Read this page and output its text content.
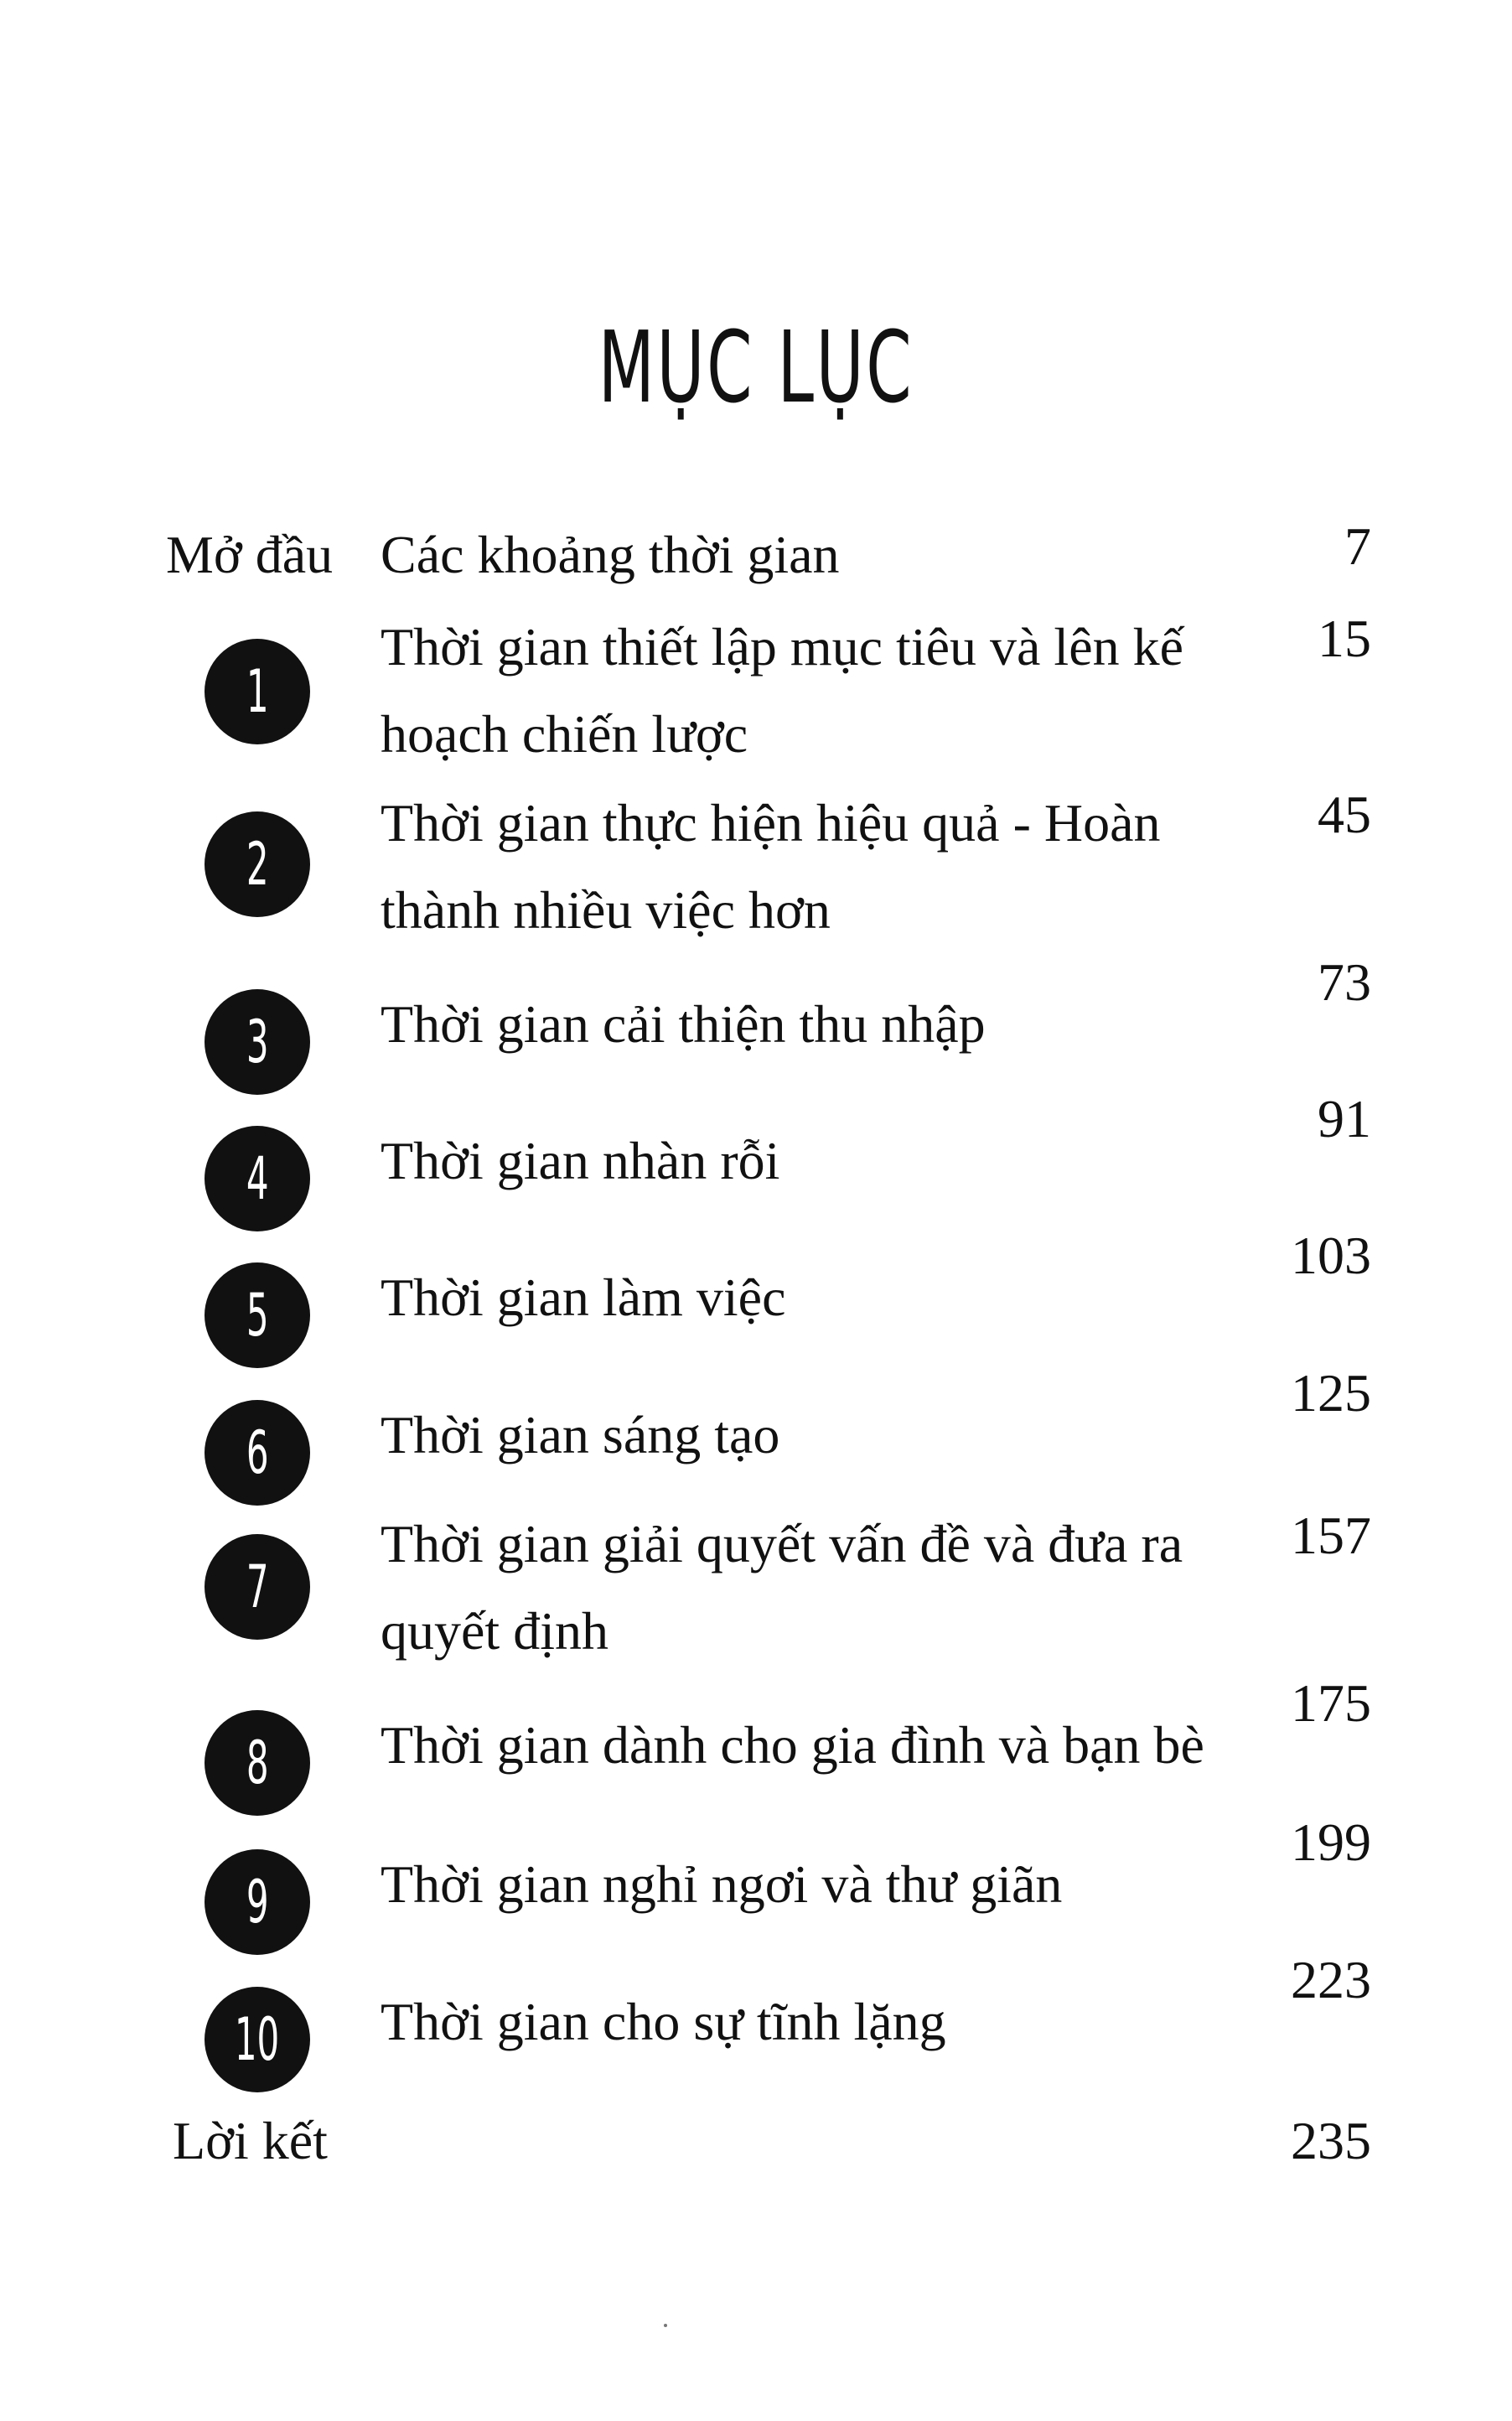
MỤC LỤC
Mở đầu Các khoảng thời gian	7
1
Thời gian thiết lập mục tiêu và lên kế hoạch chiến lược
15
2
Thời gian thực hiện hiệu quả - Hoàn thành nhiều việc hơn
45
3 Thời gian cải thiện thu nhập
73
4 Thời gian nhàn rỗi
91
5 Thời gian làm việc
103
6 Thời gian sáng tạo
125
7
Thời gian giải quyết vấn đề và đưa ra quyết định
157
8 Thời gian dành cho gia đình và bạn bè
175
9 Thời gian nghỉ ngơi và thư giãn
199
10 Thời gian cho sự tĩnh lặng
223
Lời kết	235
